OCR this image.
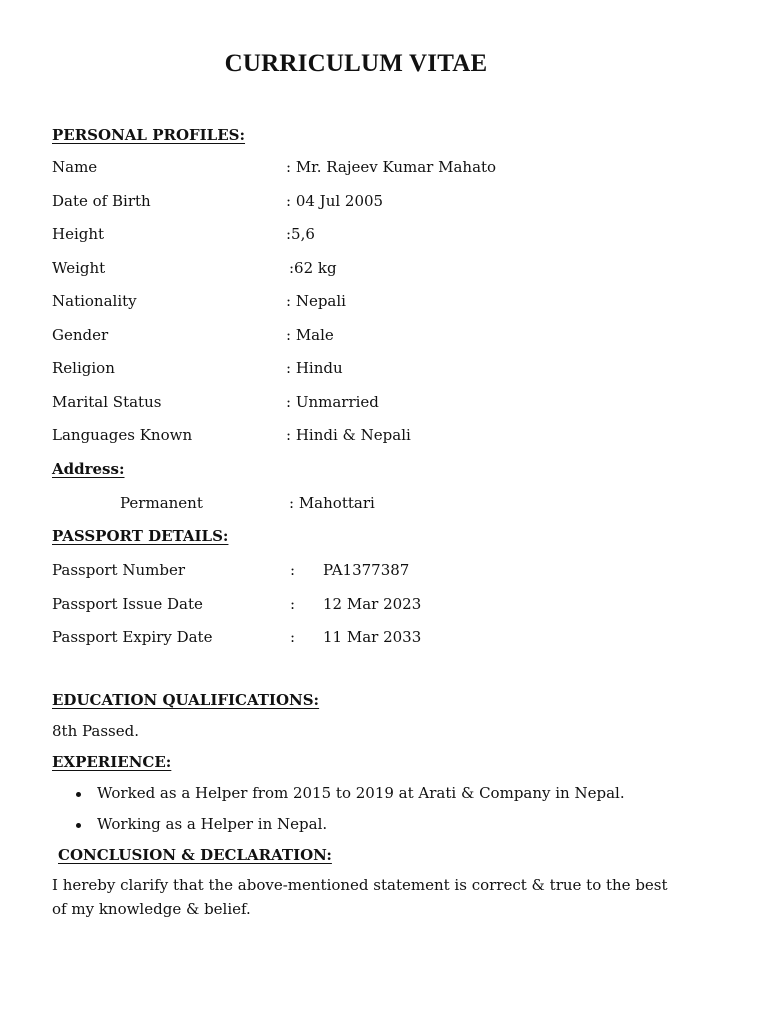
CURRICULUM VITAE
PERSONAL PROFILES:
Name	: Mr. Rajeev Kumar Mahato
Date of Birth	: 04 Jul 2005
Height	:5,6
Weight	:62 kg
Nationality	: Nepali
Gender	: Male
Religion	: Hindu
Marital Status	: Unmarried
Languages Known	: Hindi & Nepali
Address:
Permanent	: Mahottari
PASSPORT DETAILS:
Passport Number	: PA1377387
Passport Issue Date	: 12 Mar 2023
Passport Expiry Date	: 11 Mar 2033
EDUCATION QUALIFICATIONS:
8th Passed.
EXPERIENCE:
Worked as a Helper from 2015 to 2019 at Arati & Company in Nepal.
Working as a Helper in Nepal.
CONCLUSION & DECLARATION:
I hereby clarify that the above-mentioned statement is correct & true to the best
of my knowledge & belief.
